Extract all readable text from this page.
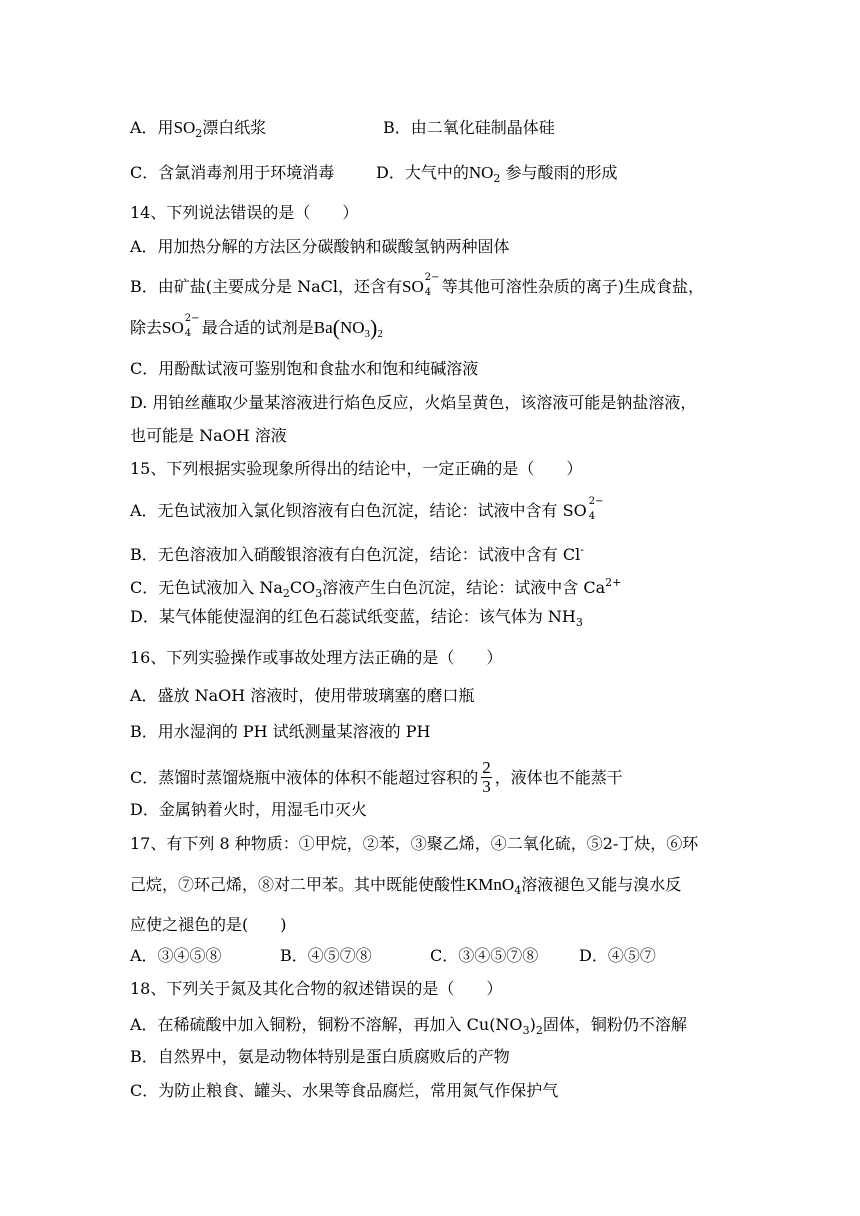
A．用$SO_2$漂白纸浆	B．由二氧化硅制晶体硅
C．含氯消毒剂用于环境消毒	D．大气中的$NO_2$ 参与酸雨的形成
14、下列说法错误的是（　　）
A．用加热分解的方法区分碳酸钠和碳酸氢钠两种固体
B．由矿盐(主要成分是 NaCl，还含有SO 2−
4 等其他可溶性杂质的离子)生成食盐，
除去SO 2−
4 最合适的试剂是$Ba(NO_3)_2$
C．用酚酞试液可鉴别饱和食盐水和饱和纯碱溶液
D. 用铂丝蘸取少量某溶液进行焰色反应，火焰呈黄色，该溶液可能是钠盐溶液，
也可能是 NaOH 溶液
15、下列根据实验现象所得出的结论中，一定正确的是（　　）
A．无色试液加入氯化钡溶液有白色沉淀，结论：试液中含有 SO 2−
4
B．无色溶液加入硝酸银溶液有白色沉淀，结论：试液中含有 Cl-
C．无色试液加入 $Na_2CO_3$溶液产生白色沉淀，结论：试液中含 $Ca^{2+}$
D．某气体能使湿润的红色石蕊试纸变蓝，结论：该气体为 $NH_3$
16、下列实验操作或事故处理方法正确的是（　　）
A．盛放 NaOH 溶液时，使用带玻璃塞的磨口瓶
B．用水湿润的 PH 试纸测量某溶液的 PH
C．蒸馏时蒸馏烧瓶中液体的体积不能超过容积的 $\frac{2}{3}$ ，液体也不能蒸干
D．金属钠着火时，用湿毛巾灭火
17、有下列 8 种物质：①甲烷，②苯，③聚乙烯，④二氧化硫，⑤2-丁炔，⑥环
己烷，⑦环己烯，⑧对二甲苯。其中既能使酸性KMnO$_4$溶液褪色又能与溴水反
应使之褪色的是(　　)
A．③④⑤⑧	B．④⑤⑦⑧	C．③④⑤⑦⑧	D．④⑤⑦
18、下列关于氮及其化合物的叙述错误的是（　　）
A．在稀硫酸中加入铜粉，铜粉不溶解，再加入 $Cu(NO_3)_2$固体，铜粉仍不溶解
B．自然界中，氨是动物体特别是蛋白质腐败后的产物
C．为防止粮食、罐头、水果等食品腐烂，常用氮气作保护气
